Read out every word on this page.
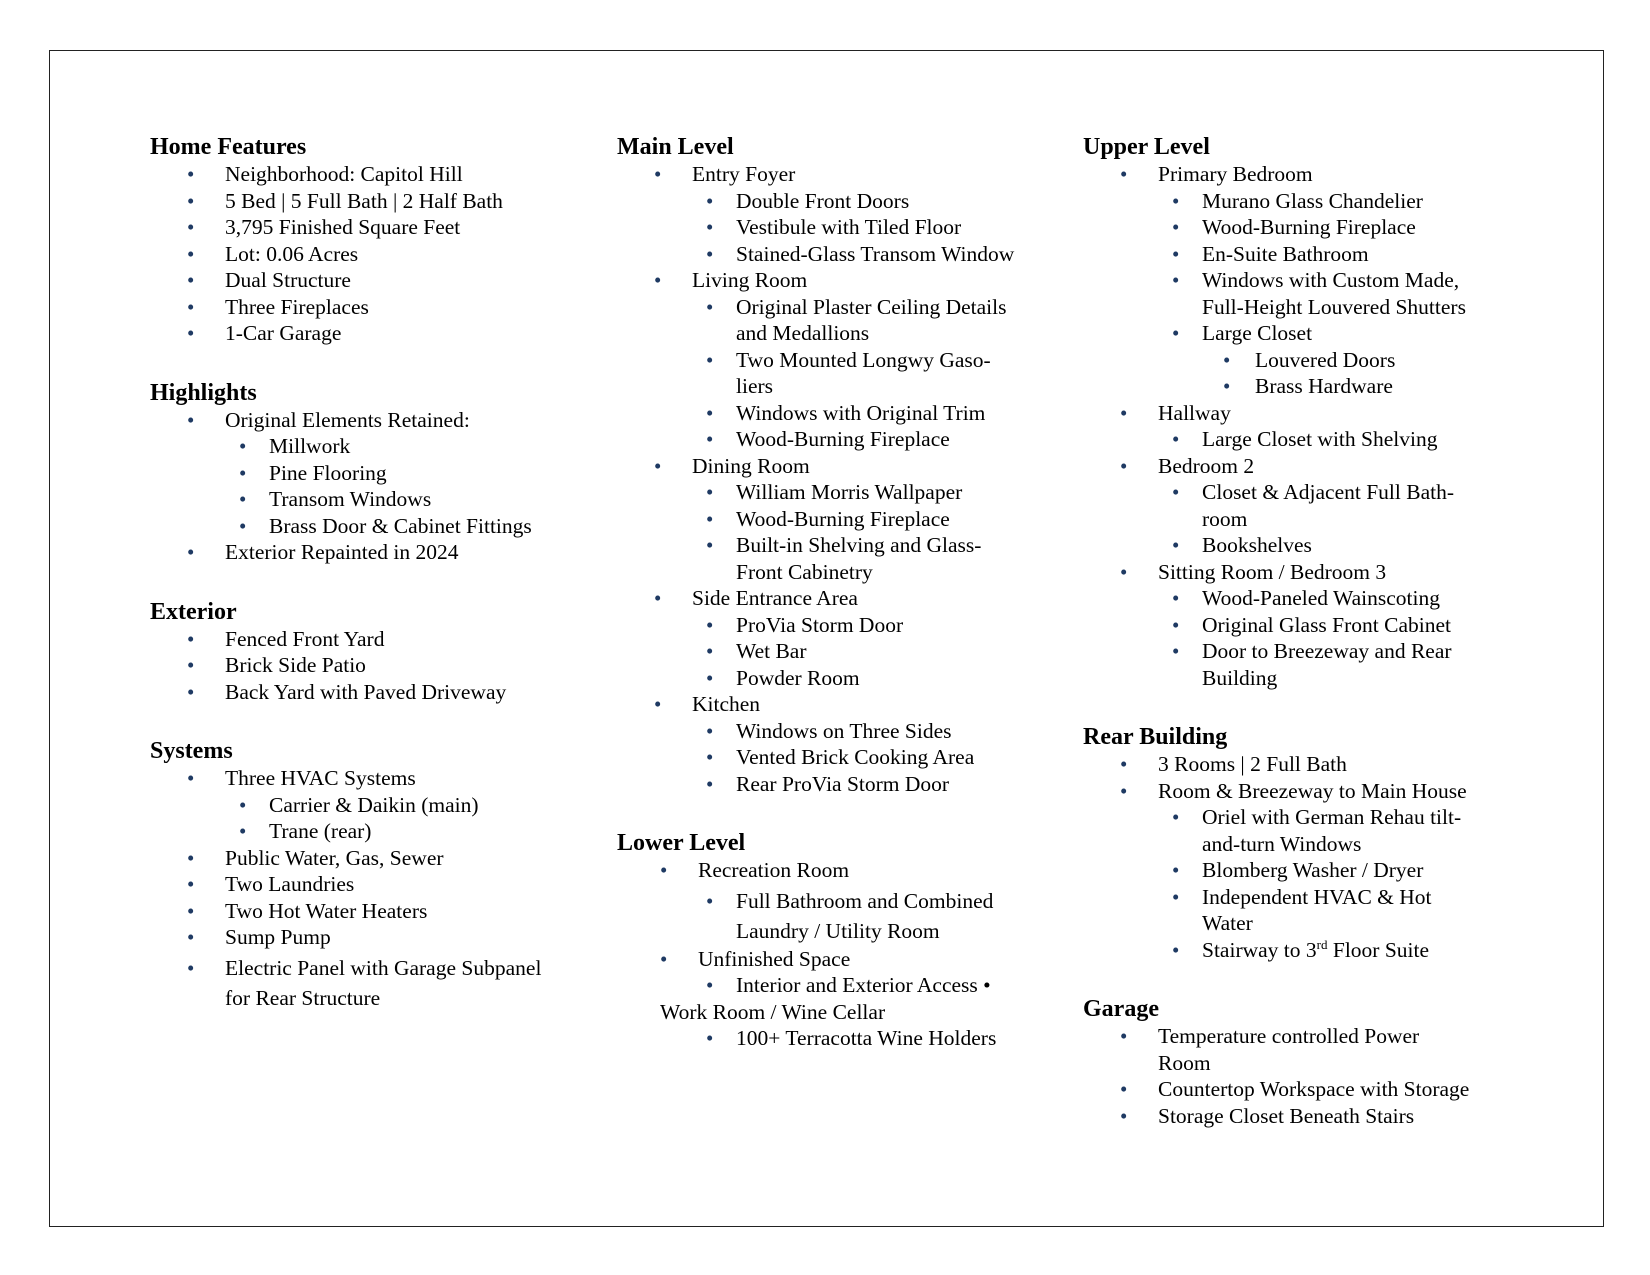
Home Features
• Neighborhood: Capitol Hill
• 5 Bed | 5 Full Bath | 2 Half Bath
• 3,795 Finished Square Feet
• Lot: 0.06 Acres
• Dual Structure
• Three Fireplaces
• 1-Car Garage
Highlights
• Original Elements Retained:
• Millwork
• Pine Flooring
• Transom Windows
• Brass Door & Cabinet Fittings
• Exterior Repainted in 2024
Exterior
• Fenced Front Yard
• Brick Side Patio
• Back Yard with Paved Driveway
Systems
• Three HVAC Systems
• Carrier & Daikin (main)
• Trane (rear)
• Public Water, Gas, Sewer
• Two Laundries
• Two Hot Water Heaters
• Sump Pump
• Electric Panel with Garage Subpanel
for Rear Structure
Main Level
• Entry Foyer
• Double Front Doors
• Vestibule with Tiled Floor
• Stained-Glass Transom Window
• Living Room
• Original Plaster Ceiling Details
and Medallions
• Two Mounted Longwy Gaso-
liers
• Windows with Original Trim
• Wood-Burning Fireplace
• Dining Room
• William Morris Wallpaper
• Wood-Burning Fireplace
• Built-in Shelving and Glass-
Front Cabinetry
• Side Entrance Area
• ProVia Storm Door
• Wet Bar
• Powder Room
• Kitchen
• Windows on Three Sides
• Vented Brick Cooking Area
• Rear ProVia Storm Door
Lower Level
• Recreation Room
• Full Bathroom and Combined
Laundry / Utility Room
• Unfinished Space
• Interior and Exterior Access •
Work Room / Wine Cellar
• 100+ Terracotta Wine Holders
Upper Level
• Primary Bedroom
• Murano Glass Chandelier
• Wood-Burning Fireplace
• En-Suite Bathroom
• Windows with Custom Made,
Full-Height Louvered Shutters
• Large Closet
• Louvered Doors
• Brass Hardware
• Hallway
• Large Closet with Shelving
• Bedroom 2
• Closet & Adjacent Full Bath-
room
• Bookshelves
• Sitting Room / Bedroom 3
• Wood-Paneled Wainscoting
• Original Glass Front Cabinet
• Door to Breezeway and Rear
Building
Rear Building
• 3 Rooms | 2 Full Bath
• Room & Breezeway to Main House
• Oriel with German Rehau tilt-
and-turn Windows
• Blomberg Washer / Dryer
• Independent HVAC & Hot
Water
• Stairway to 3rd Floor Suite
Garage
• Temperature controlled Power
Room
• Countertop Workspace with Storage
• Storage Closet Beneath Stairs
